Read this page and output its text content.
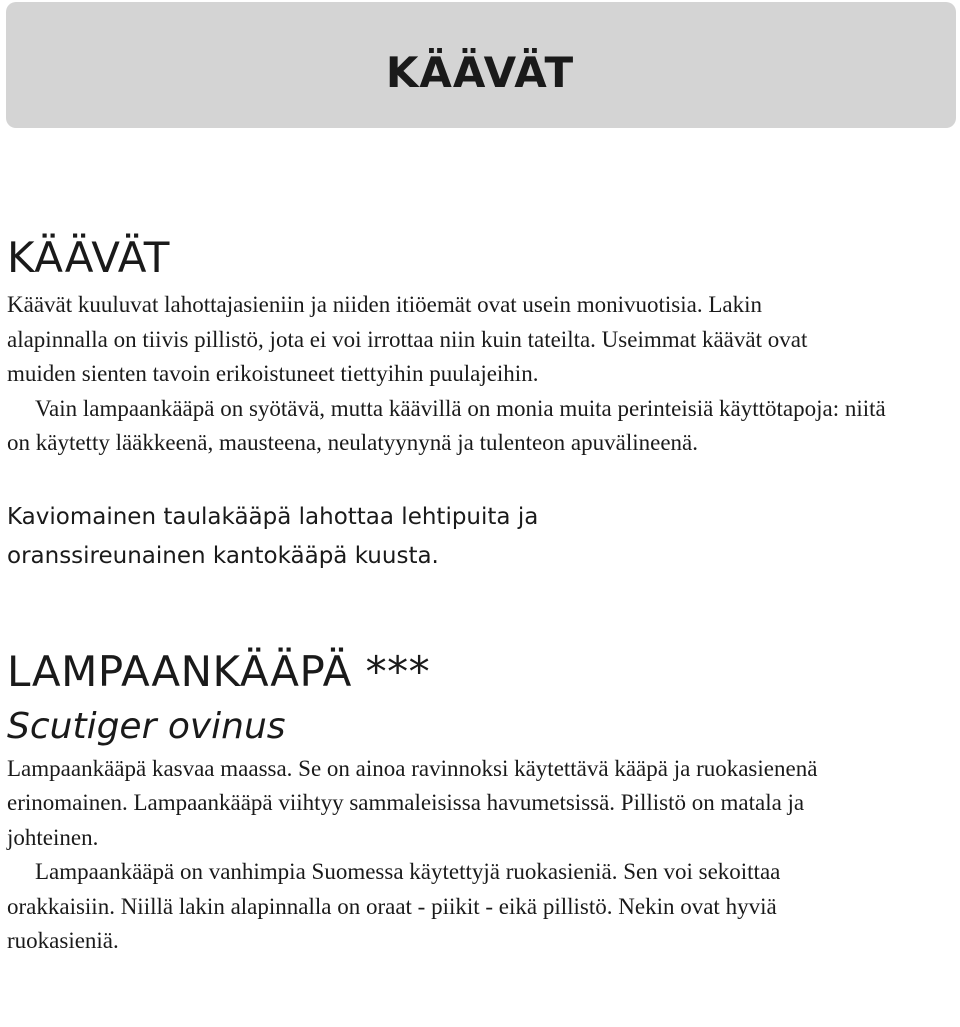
KÄÄVÄT
KÄÄVÄT

Käävät kuuluvat lahottajasieniin ja niiden itiöemät ovat usein monivuotisia. Lakin alapinnalla on tiivis pillistö, jota ei voi irrottaa niin kuin tateilta. Useimmat käävät ovat muiden sienten tavoin erikoistuneet tiettyihin puulajeihin.

Vain lampaankääpä on syötävä, mutta käävillä on monia muita perinteisiä käyttötapoja: niitä on käytetty lääkkeenä, mausteena, neulatyynynä ja tulenteon apuvälineenä.

Kaviomainen taulakääpä lahottaa lehtipuita ja oranssireunainen kantokääpä kuusta.

LAMPAANKÄÄPÄ ***

Scutiger ovinus

Lampaankääpä kasvaa maassa. Se on ainoa ravinnoksi käytettävä kääpä ja ruokasienenä erinomainen. Lampaankääpä viihtyy sammaleisissa havumetsissä. Pillistö on matala ja johteinen.

Lampaankääpä on vanhimpia Suomessa käytettyjä ruokasieniä. Sen voi sekoittaa orakkaisiin. Niillä lakin alapinnalla on oraat - piikit - eikä pillistö. Nekin ovat hyviä ruokasieniä.
